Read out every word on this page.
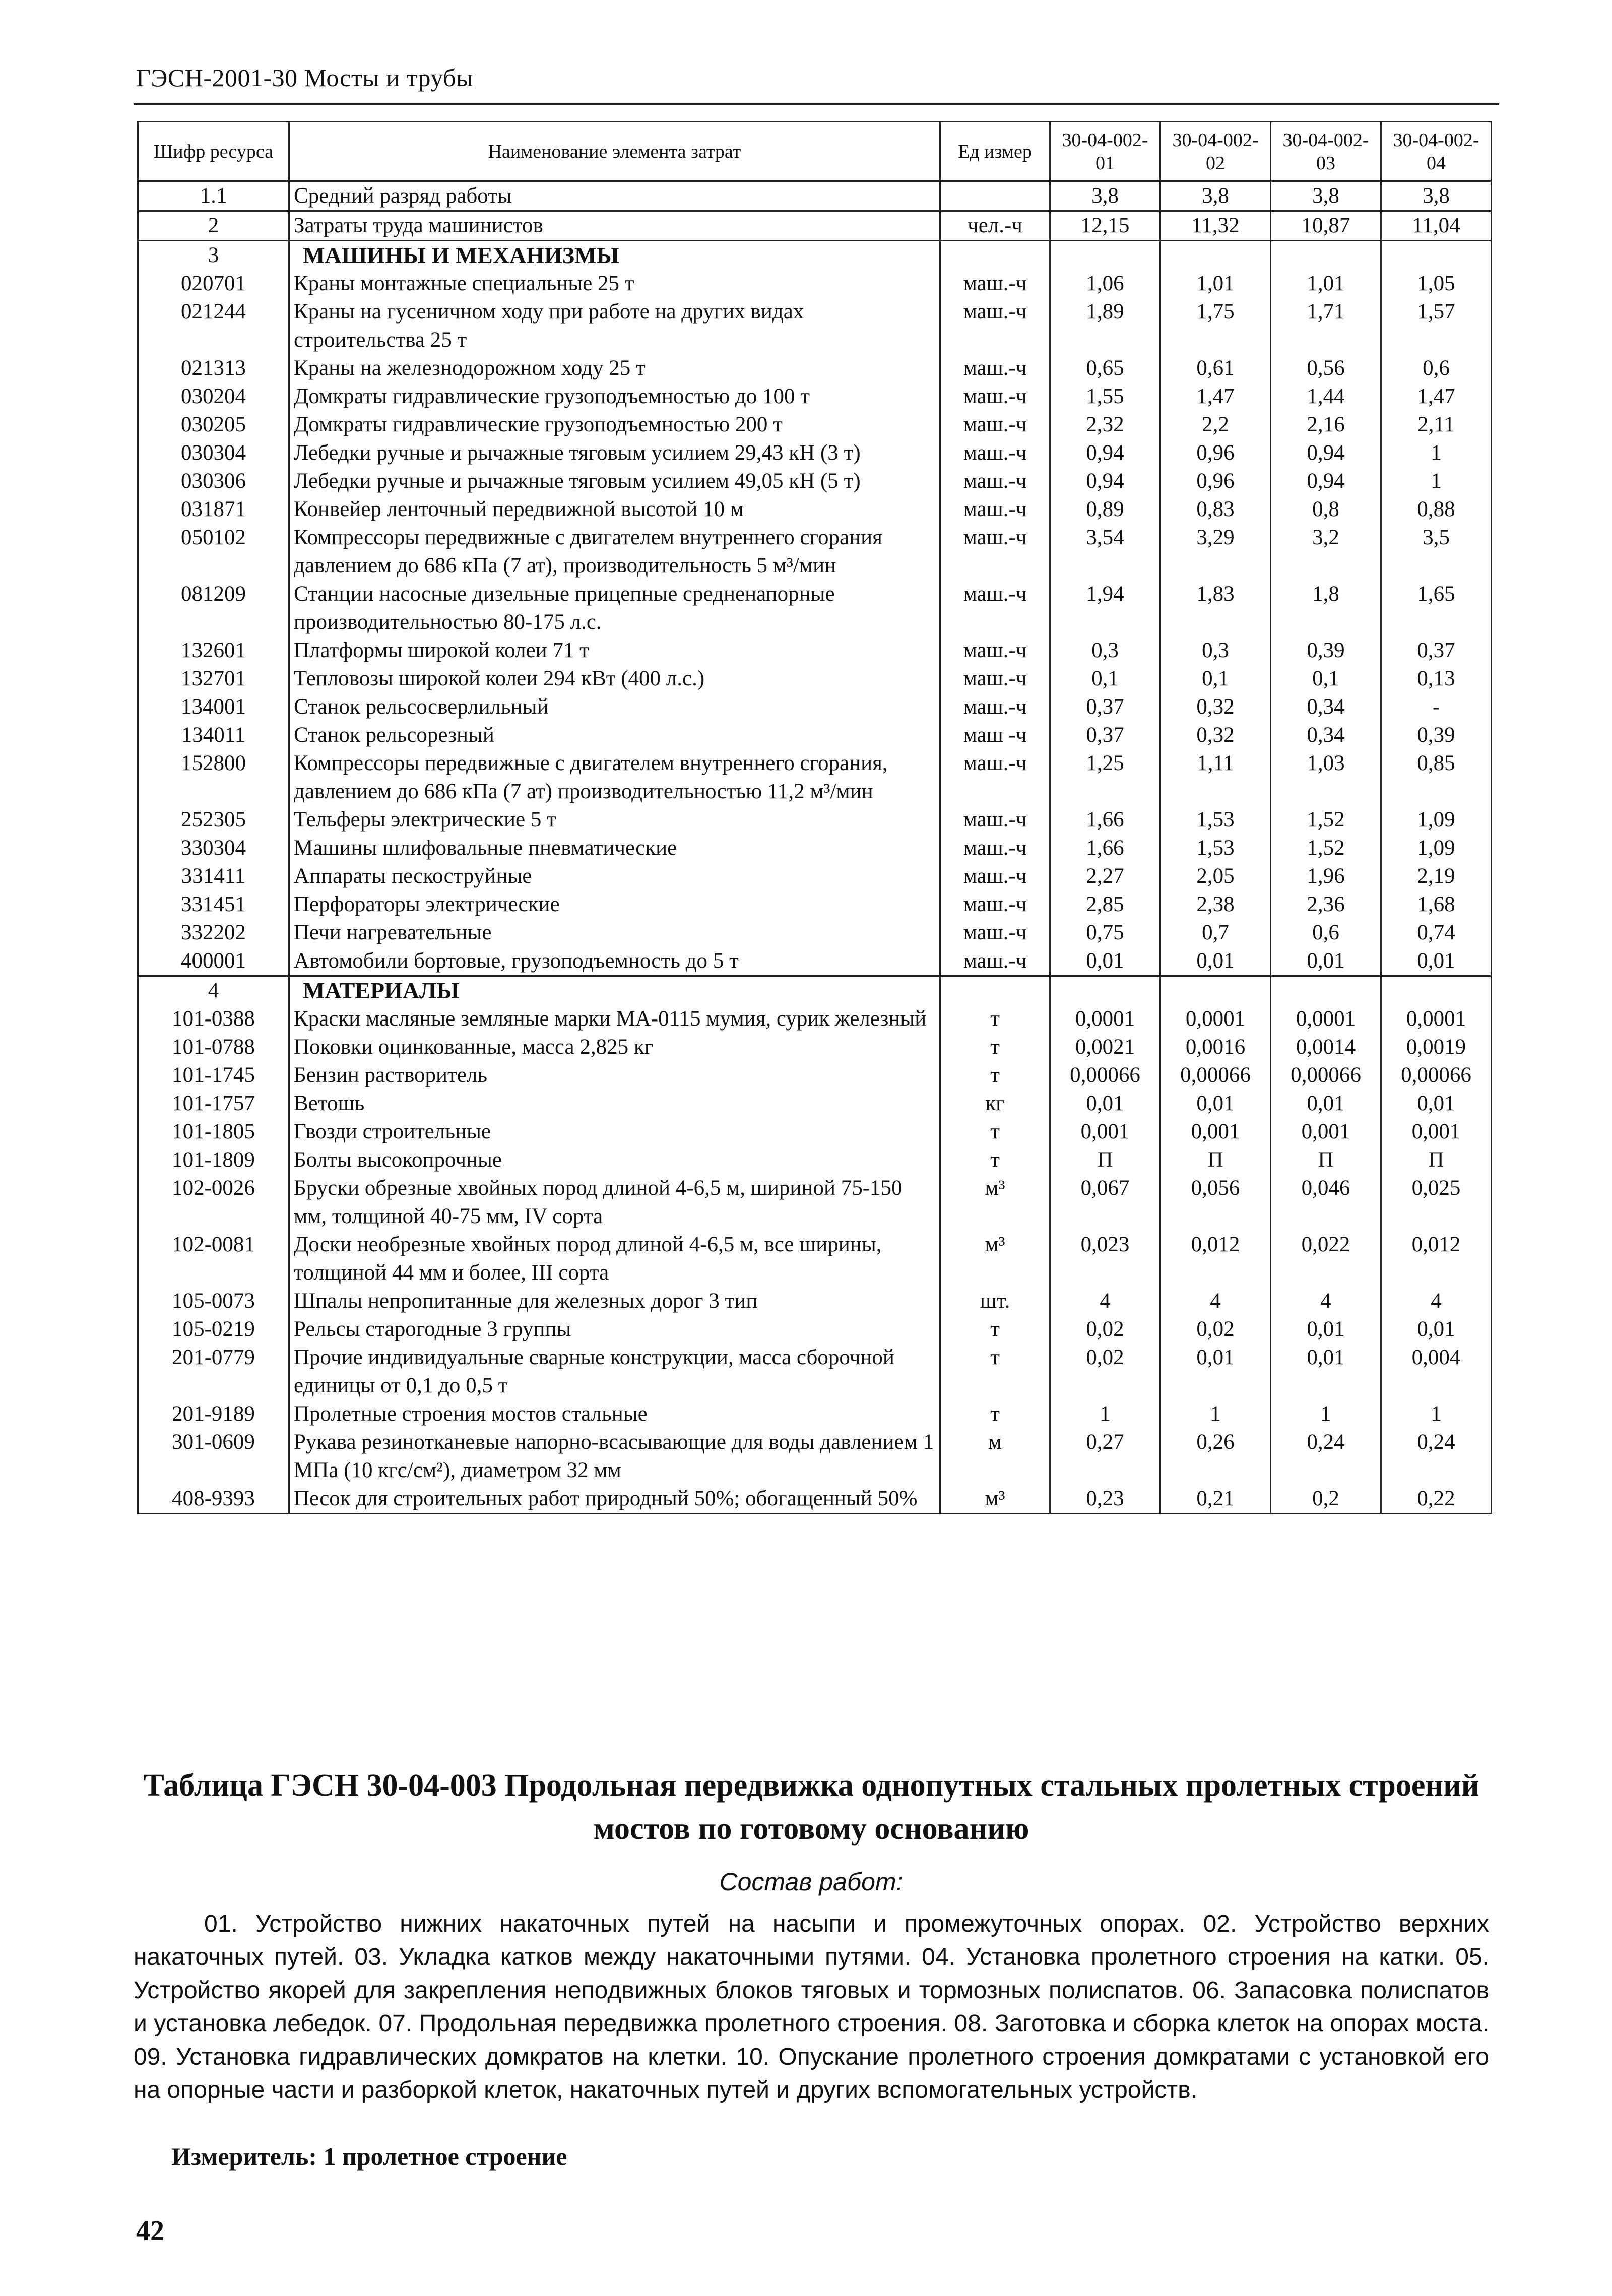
ГЭСН-2001-30 Мосты и трубы
Шифр ресурса	Наименование элемента затрат	Ед измер	30-04-002-01	30-04-002-02	30-04-002-03	30-04-002-04
1.1	Средний разряд работы		3,8	3,8	3,8	3,8
2	Затраты труда машинистов	чел.-ч	12,15	11,32	10,87	11,04
3	МАШИНЫ И МЕХАНИЗМЫ					
020701	Краны монтажные специальные 25 т	маш.-ч	1,06	1,01	1,01	1,05
021244	Краны на гусеничном ходу при работе на других видах строительства 25 т	маш.-ч	1,89	1,75	1,71	1,57
021313	Краны на железнодорожном ходу 25 т	маш.-ч	0,65	0,61	0,56	0,6
030204	Домкраты гидравлические грузоподъемностью до 100 т	маш.-ч	1,55	1,47	1,44	1,47
030205	Домкраты гидравлические грузоподъемностью 200 т	маш.-ч	2,32	2,2	2,16	2,11
030304	Лебедки ручные и рычажные тяговым усилием 29,43 кН (3 т)	маш.-ч	0,94	0,96	0,94	1
030306	Лебедки ручные и рычажные тяговым усилием 49,05 кН (5 т)	маш.-ч	0,94	0,96	0,94	1
031871	Конвейер ленточный передвижной высотой 10 м	маш.-ч	0,89	0,83	0,8	0,88
050102	Компрессоры передвижные с двигателем внутреннего сгорания давлением до 686 кПа (7 ат), производительность 5 м³/мин	маш.-ч	3,54	3,29	3,2	3,5
081209	Станции насосные дизельные прицепные средненапорные производительностью 80-175 л.с.	маш.-ч	1,94	1,83	1,8	1,65
132601	Платформы широкой колеи 71 т	маш.-ч	0,3	0,3	0,39	0,37
132701	Тепловозы широкой колеи 294 кВт (400 л.с.)	маш.-ч	0,1	0,1	0,1	0,13
134001	Станок рельсосверлильный	маш.-ч	0,37	0,32	0,34	-
134011	Станок рельсорезный	маш -ч	0,37	0,32	0,34	0,39
152800	Компрессоры передвижные с двигателем внутреннего сгорания, давлением до 686 кПа (7 ат) производительностью 11,2 м³/мин	маш.-ч	1,25	1,11	1,03	0,85
252305	Тельферы электрические 5 т	маш.-ч	1,66	1,53	1,52	1,09
330304	Машины шлифовальные пневматические	маш.-ч	1,66	1,53	1,52	1,09
331411	Аппараты пескоструйные	маш.-ч	2,27	2,05	1,96	2,19
331451	Перфораторы электрические	маш.-ч	2,85	2,38	2,36	1,68
332202	Печи нагревательные	маш.-ч	0,75	0,7	0,6	0,74
400001	Автомобили бортовые, грузоподъемность до 5 т	маш.-ч	0,01	0,01	0,01	0,01
4	МАТЕРИАЛЫ					
101-0388	Краски масляные земляные марки МА-0115 мумия, сурик железный	т	0,0001	0,0001	0,0001	0,0001
101-0788	Поковки оцинкованные, масса 2,825 кг	т	0,0021	0,0016	0,0014	0,0019
101-1745	Бензин растворитель	т	0,00066	0,00066	0,00066	0,00066
101-1757	Ветошь	кг	0,01	0,01	0,01	0,01
101-1805	Гвозди строительные	т	0,001	0,001	0,001	0,001
101-1809	Болты высокопрочные	т	П	П	П	П
102-0026	Бруски обрезные хвойных пород длиной 4-6,5 м, шириной 75-150 мм, толщиной 40-75 мм, IV сорта	м³	0,067	0,056	0,046	0,025
102-0081	Доски необрезные хвойных пород длиной 4-6,5 м, все ширины, толщиной 44 мм и более, III сорта	м³	0,023	0,012	0,022	0,012
105-0073	Шпалы непропитанные для железных дорог 3 тип	шт.	4	4	4	4
105-0219	Рельсы старогодные 3 группы	т	0,02	0,02	0,01	0,01
201-0779	Прочие индивидуальные сварные конструкции, масса сборочной единицы от 0,1 до 0,5 т	т	0,02	0,01	0,01	0,004
201-9189	Пролетные строения мостов стальные	т	1	1	1	1
301-0609	Рукава резинотканевые напорно-всасывающие для воды давлением 1 МПа (10 кгс/см²), диаметром 32 мм	м	0,27	0,26	0,24	0,24
408-9393	Песок для строительных работ природный 50%; обогащенный 50%	м³	0,23	0,21	0,2	0,22
Таблица ГЭСН 30-04-003 Продольная передвижка однопутных стальных пролетных строений мостов по готовому основанию
Состав работ:
01. Устройство нижних накаточных путей на насыпи и промежуточных опорах. 02. Устройство верхних накаточных путей. 03. Укладка катков между накаточными путями. 04. Установка пролетного строения на катки. 05. Устройство якорей для закрепления неподвижных блоков тяговых и тормозных полиспатов. 06. Запасовка полиспатов и установка лебедок. 07. Продольная передвижка пролетного строения. 08. Заготовка и сборка клеток на опорах моста. 09. Установка гидравлических домкратов на клетки. 10. Опускание пролетного строения домкратами с установкой его на опорные части и разборкой клеток, накаточных путей и других вспомогательных устройств.
Измеритель: 1 пролетное строение
42
